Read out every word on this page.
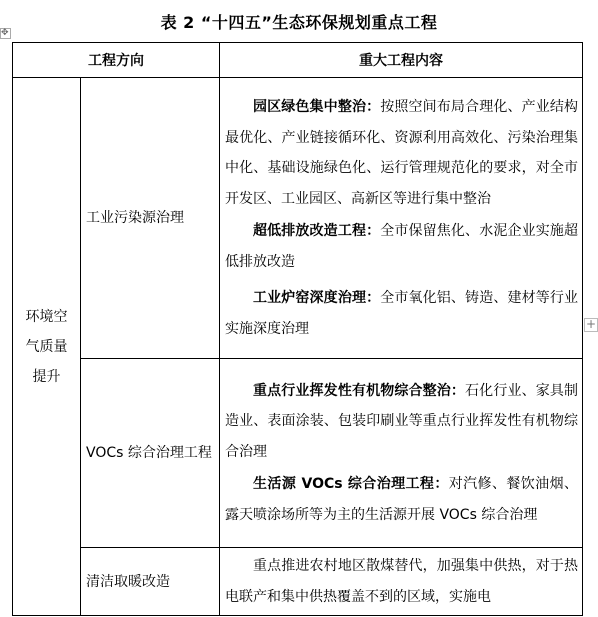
表 2 “十四五”生态环保规划重点工程
✥
+
工程方向		重大工程内容
环境空气质量提升	工业污染源治理	园区绿色集中整治：按照空间布局合理化、产业结构最优化、产业链接循环化、资源利用高效化、污染治理集中化、基础设施绿色化、运行管理规范化的要求，对全市开发区、工业园区、高新区等进行集中整治

超低排放改造工程：全市保留焦化、水泥企业实施超低排放改造

工业炉窑深度治理：全市氧化铝、铸造、建材等行业实施深度治理

	VOCs 综合治理工程	重点行业挥发性有机物综合整治：石化行业、家具制造业、表面涂装、包装印刷业等重点行业挥发性有机物综合治理

生活源 VOCs 综合治理工程：对汽修、餐饮油烟、露天喷涂场所等为主的生活源开展 VOCs 综合治理

	清洁取暖改造	重点推进农村地区散煤替代，加强集中供热，对于热电联产和集中供热覆盖不到的区域，实施电
